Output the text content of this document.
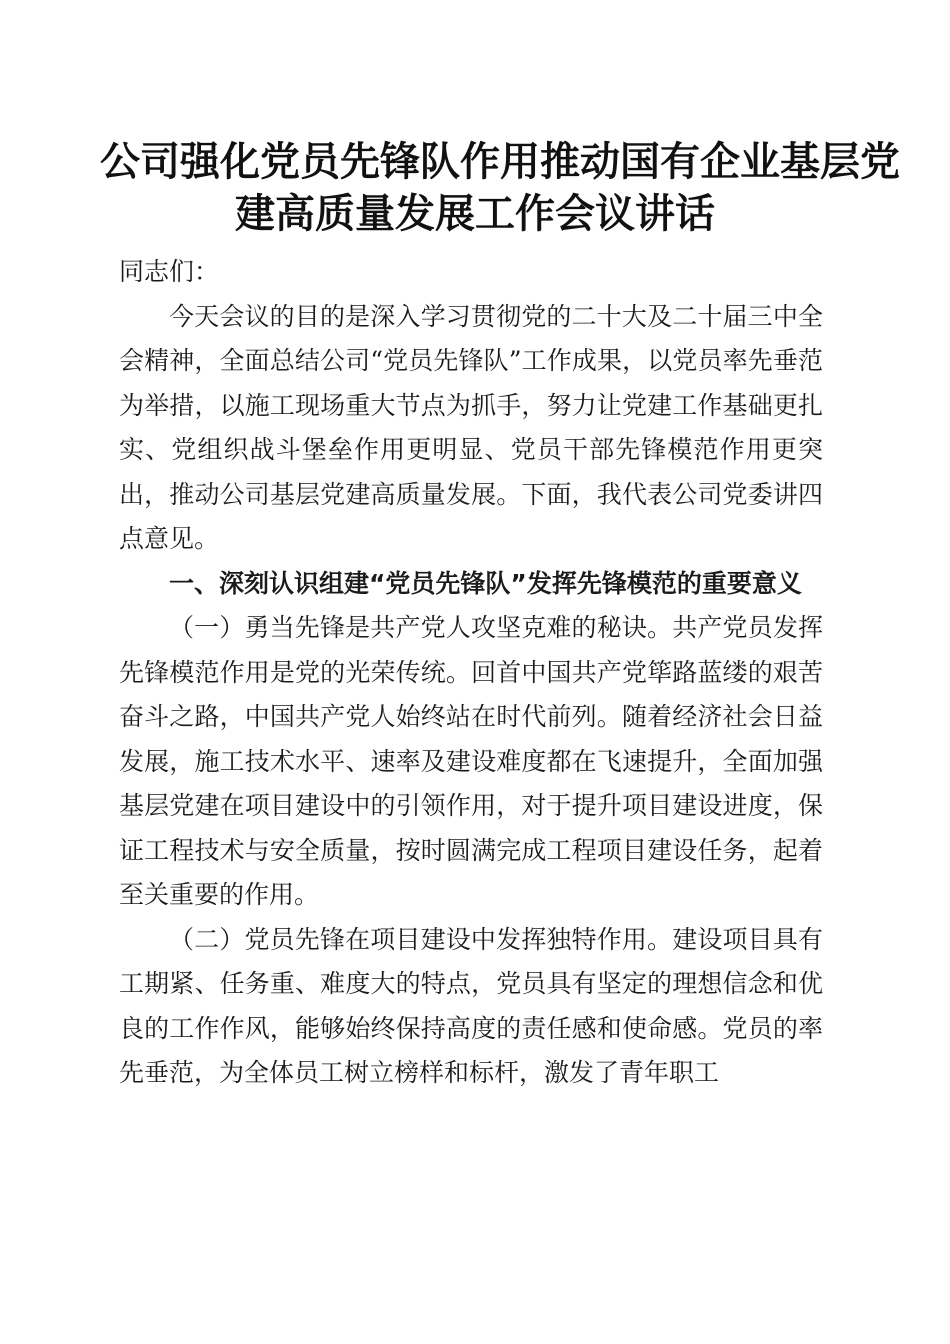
公司强化党员先锋队作用推动国有企业基层党
建高质量发展工作会议讲话

同志们：

今天会议的目的是深入学习贯彻党的二十大及二十届三中全会精神，全面总结公司“党员先锋队”工作成果，以党员率先垂范为举措，以施工现场重大节点为抓手，努力让党建工作基础更扎实、党组织战斗堡垒作用更明显、党员干部先锋模范作用更突出，推动公司基层党建高质量发展。下面，我代表公司党委讲四点意见。

一、深刻认识组建“党员先锋队”发挥先锋模范的重要意义

（一）勇当先锋是共产党人攻坚克难的秘诀。共产党员发挥先锋模范作用是党的光荣传统。回首中国共产党筚路蓝缕的艰苦奋斗之路，中国共产党人始终站在时代前列。随着经济社会日益发展，施工技术水平、速率及建设难度都在飞速提升，全面加强基层党建在项目建设中的引领作用，对于提升项目建设进度，保证工程技术与安全质量，按时圆满完成工程项目建设任务，起着至关重要的作用。

（二）党员先锋在项目建设中发挥独特作用。建设项目具有工期紧、任务重、难度大的特点，党员具有坚定的理想信念和优良的工作作风，能够始终保持高度的责任感和使命感。党员的率先垂范，为全体员工树立榜样和标杆，激发了青年职工
